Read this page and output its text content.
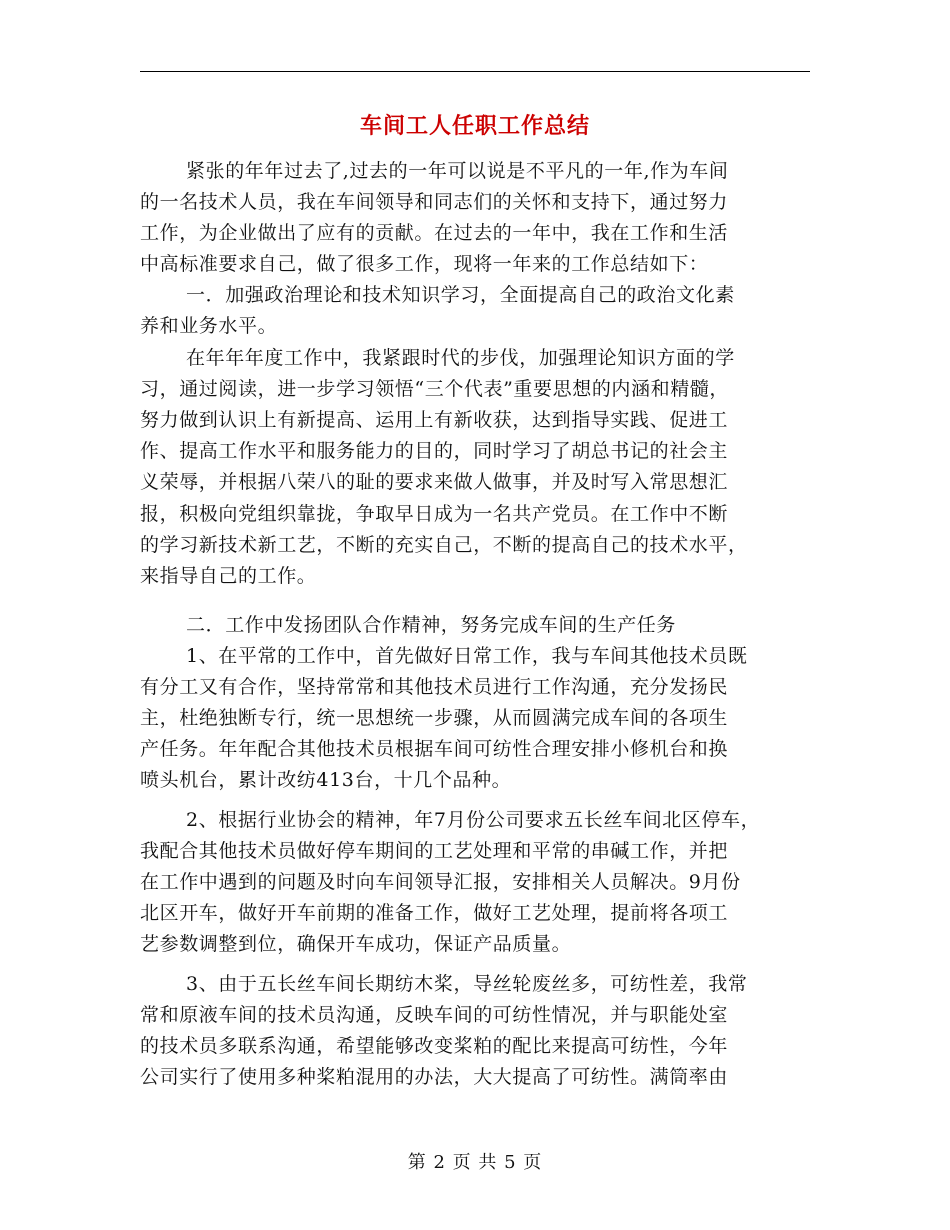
车间工人任职工作总结
紧张的年年过去了,过去的一年可以说是不平凡的一年,作为车间
的一名技术人员，我在车间领导和同志们的关怀和支持下，通过努力
工作，为企业做出了应有的贡献。在过去的一年中，我在工作和生活
中高标准要求自己，做了很多工作，现将一年来的工作总结如下：
一．加强政治理论和技术知识学习，全面提高自己的政治文化素
养和业务水平。
在年年年度工作中，我紧跟时代的步伐，加强理论知识方面的学
习，通过阅读，进一步学习领悟“三个代表”重要思想的内涵和精髓，
努力做到认识上有新提高、运用上有新收获，达到指导实践、促进工
作、提高工作水平和服务能力的目的，同时学习了胡总书记的社会主
义荣辱，并根据八荣八的耻的要求来做人做事，并及时写入常思想汇
报，积极向党组织靠拢，争取早日成为一名共产党员。在工作中不断
的学习新技术新工艺，不断的充实自己，不断的提高自己的技术水平，
来指导自己的工作。
二．工作中发扬团队合作精神，努务完成车间的生产任务
1、在平常的工作中，首先做好日常工作，我与车间其他技术员既
有分工又有合作，坚持常常和其他技术员进行工作沟通，充分发扬民
主，杜绝独断专行，统一思想统一步骤，从而圆满完成车间的各项生
产任务。年年配合其他技术员根据车间可纺性合理安排小修机台和换
喷头机台，累计改纺413台，十几个品种。
2、根据行业协会的精神，年7月份公司要求五长丝车间北区停车，
我配合其他技术员做好停车期间的工艺处理和平常的串碱工作，并把
在工作中遇到的问题及时向车间领导汇报，安排相关人员解决。9月份
北区开车，做好开车前期的准备工作，做好工艺处理，提前将各项工
艺参数调整到位，确保开车成功，保证产品质量。
3、由于五长丝车间长期纺木桨，导丝轮废丝多，可纺性差，我常
常和原液车间的技术员沟通，反映车间的可纺性情况，并与职能处室
的技术员多联系沟通，希望能够改变桨粕的配比来提高可纺性，今年
公司实行了使用多种桨粕混用的办法，大大提高了可纺性。满筒率由
第 2 页 共 5 页
